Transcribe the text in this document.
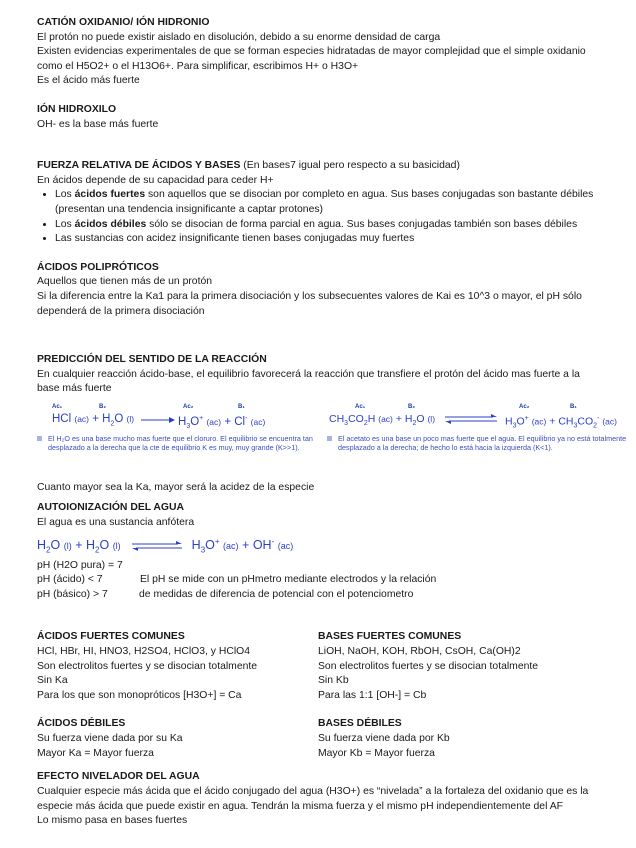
CATIÓN OXIDANIO/ IÓN HIDRONIO

El protón no puede existir aislado en disolución, debido a su enorme densidad de carga

Existen evidencias experimentales de que se forman especies hidratadas de mayor complejidad que el simple oxidanio

como el H5O2+ o el H13O6+. Para simplificar, escribimos H+ o H3O+

Es el ácido más fuerte

IÓN HIDROXILO

OH- es la base más fuerte

FUERZA RELATIVA DE ÁCIDOS Y BASES (En bases7 igual pero respecto a su basicidad)

En ácidos depende de su capacidad para ceder H+

• Los ácidos fuertes son aquellos que se disocian por completo en agua. Sus bases conjugadas son bastante débiles (presentan una tendencia insignificante a captar protones)
• Los ácidos débiles sólo se disocian de forma parcial en agua. Sus bases conjugadas también son bases débiles
• Las sustancias con acidez insignificante tienen bases conjugadas muy fuertes

ÁCIDOS POLIPRÓTICOS

Aquellos que tienen más de un protón

Si la diferencia entre la Ka1 para la primera disociación y los subsecuentes valores de Kai es 10^3 o mayor, el pH sólo

dependerá de la primera disociación

PREDICCIÓN DEL SENTIDO DE LA REACCIÓN

En cualquier reacción ácido-base, el equilibrio favorecerá la reacción que transfiere el protón del ácido mas fuerte a la

base más fuerte

Ac₁	B₂	Ac₂	B₁
HCl $(ac) + H_2O$ (l)	$H_3O^+$ (ac) + Cl- (ac)
El H₂O es una base mucho mas fuerte que el cloruro. El equilibrio se encuentra tan desplazado a la derecha que la cte de equilibrio K es muy, muy grande (K>>1).
Ac₁	B₂	Ac₂	B₁
$CH_3CO_2H$ $(ac) + H_2O$ (l)	$H_3O^+$ $(ac) + CH_3CO_2^-$ (ac)
El acetato es una base un poco mas fuerte que el agua. El equilibrio ya no está totalmente desplazado a la derecha; de hecho lo está hacia la izquierda (K<1).

Cuanto mayor sea la Ka, mayor será la acidez de la especie

AUTOIONIZACIÓN DEL AGUA

El agua es una sustancia anfótera

$H_2O$ $(l) + H_2O$ (l) ⇌ $H_3O^+$ (ac) + OH- (ac)

pH (H2O pura) = 7

pH (ácido) < 7	El pH se mide con un pHmetro mediante electrodos y la relación
pH (básico) > 7	de medidas de diferencia de potencial con el potenciometro

ÁCIDOS FUERTES COMUNES

HCl, HBr, HI, HNO3, H2SO4, HClO3, y HClO4

Son electrolitos fuertes y se disocian totalmente

Sin Ka

Para los que son monopróticos [H3O+] = Ca

ÁCIDOS DÉBILES

Su fuerza viene dada por su Ka

Mayor Ka = Mayor fuerza

BASES FUERTES COMUNES

LiOH, NaOH, KOH, RbOH, CsOH, Ca(OH)2

Son electrolitos fuertes y se disocian totalmente

Sin Kb

Para las 1:1 [OH-] = Cb

BASES DÉBILES

Su fuerza viene dada por Kb

Mayor Kb = Mayor fuerza

EFECTO NIVELADOR DEL AGUA

Cualquier especie más ácida que el ácido conjugado del agua (H3O+) es “nivelada” a la fortaleza del oxidanio que es la

especie más ácida que puede existir en agua. Tendrán la misma fuerza y el mismo pH independientemente del AF

Lo mismo pasa en bases fuertes
